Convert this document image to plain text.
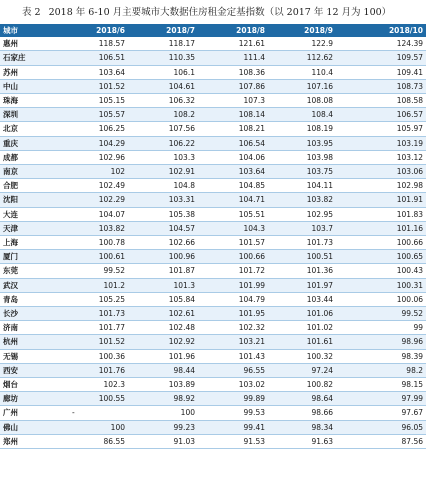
表 2 2018 年 6-10 月主要城市大数据住房租金定基指数（以 2017 年 12 月为 100）
城市	2018/6	2018/7	2018/8	2018/9	2018/10
惠州	118.57	118.17	121.61	122.9	124.39
石家庄	106.51	110.35	111.4	112.62	109.57
苏州	103.64	106.1	108.36	110.4	109.41
中山	101.52	104.61	107.86	107.16	108.73
珠海	105.15	106.32	107.3	108.08	108.58
深圳	105.57	108.2	108.14	108.4	106.57
北京	106.25	107.56	108.21	108.19	105.97
重庆	104.29	106.22	106.54	103.95	103.19
成都	102.96	103.3	104.06	103.98	103.12
南京	102	102.91	103.64	103.75	103.06
合肥	102.49	104.8	104.85	104.11	102.98
沈阳	102.29	103.31	104.71	103.82	101.91
大连	104.07	105.38	105.51	102.95	101.83
天津	103.82	104.57	104.3	103.7	101.16
上海	100.78	102.66	101.57	101.73	100.66
厦门	100.61	100.96	100.66	100.51	100.65
东莞	99.52	101.87	101.72	101.36	100.43
武汉	101.2	101.3	101.99	101.97	100.31
青岛	105.25	105.84	104.79	103.44	100.06
长沙	101.73	102.61	101.95	101.06	99.52
济南	101.77	102.48	102.32	101.02	99
杭州	101.52	102.92	103.21	101.61	98.96
无锡	100.36	101.96	101.43	100.32	98.39
西安	101.76	98.44	96.55	97.24	98.2
烟台	102.3	103.89	103.02	100.82	98.15
廊坊	100.55	98.92	99.89	98.64	97.99
广州	-	100	99.53	98.66	97.67
佛山	100	99.23	99.41	98.34	96.05
郑州	86.55	91.03	91.53	91.63	87.56
